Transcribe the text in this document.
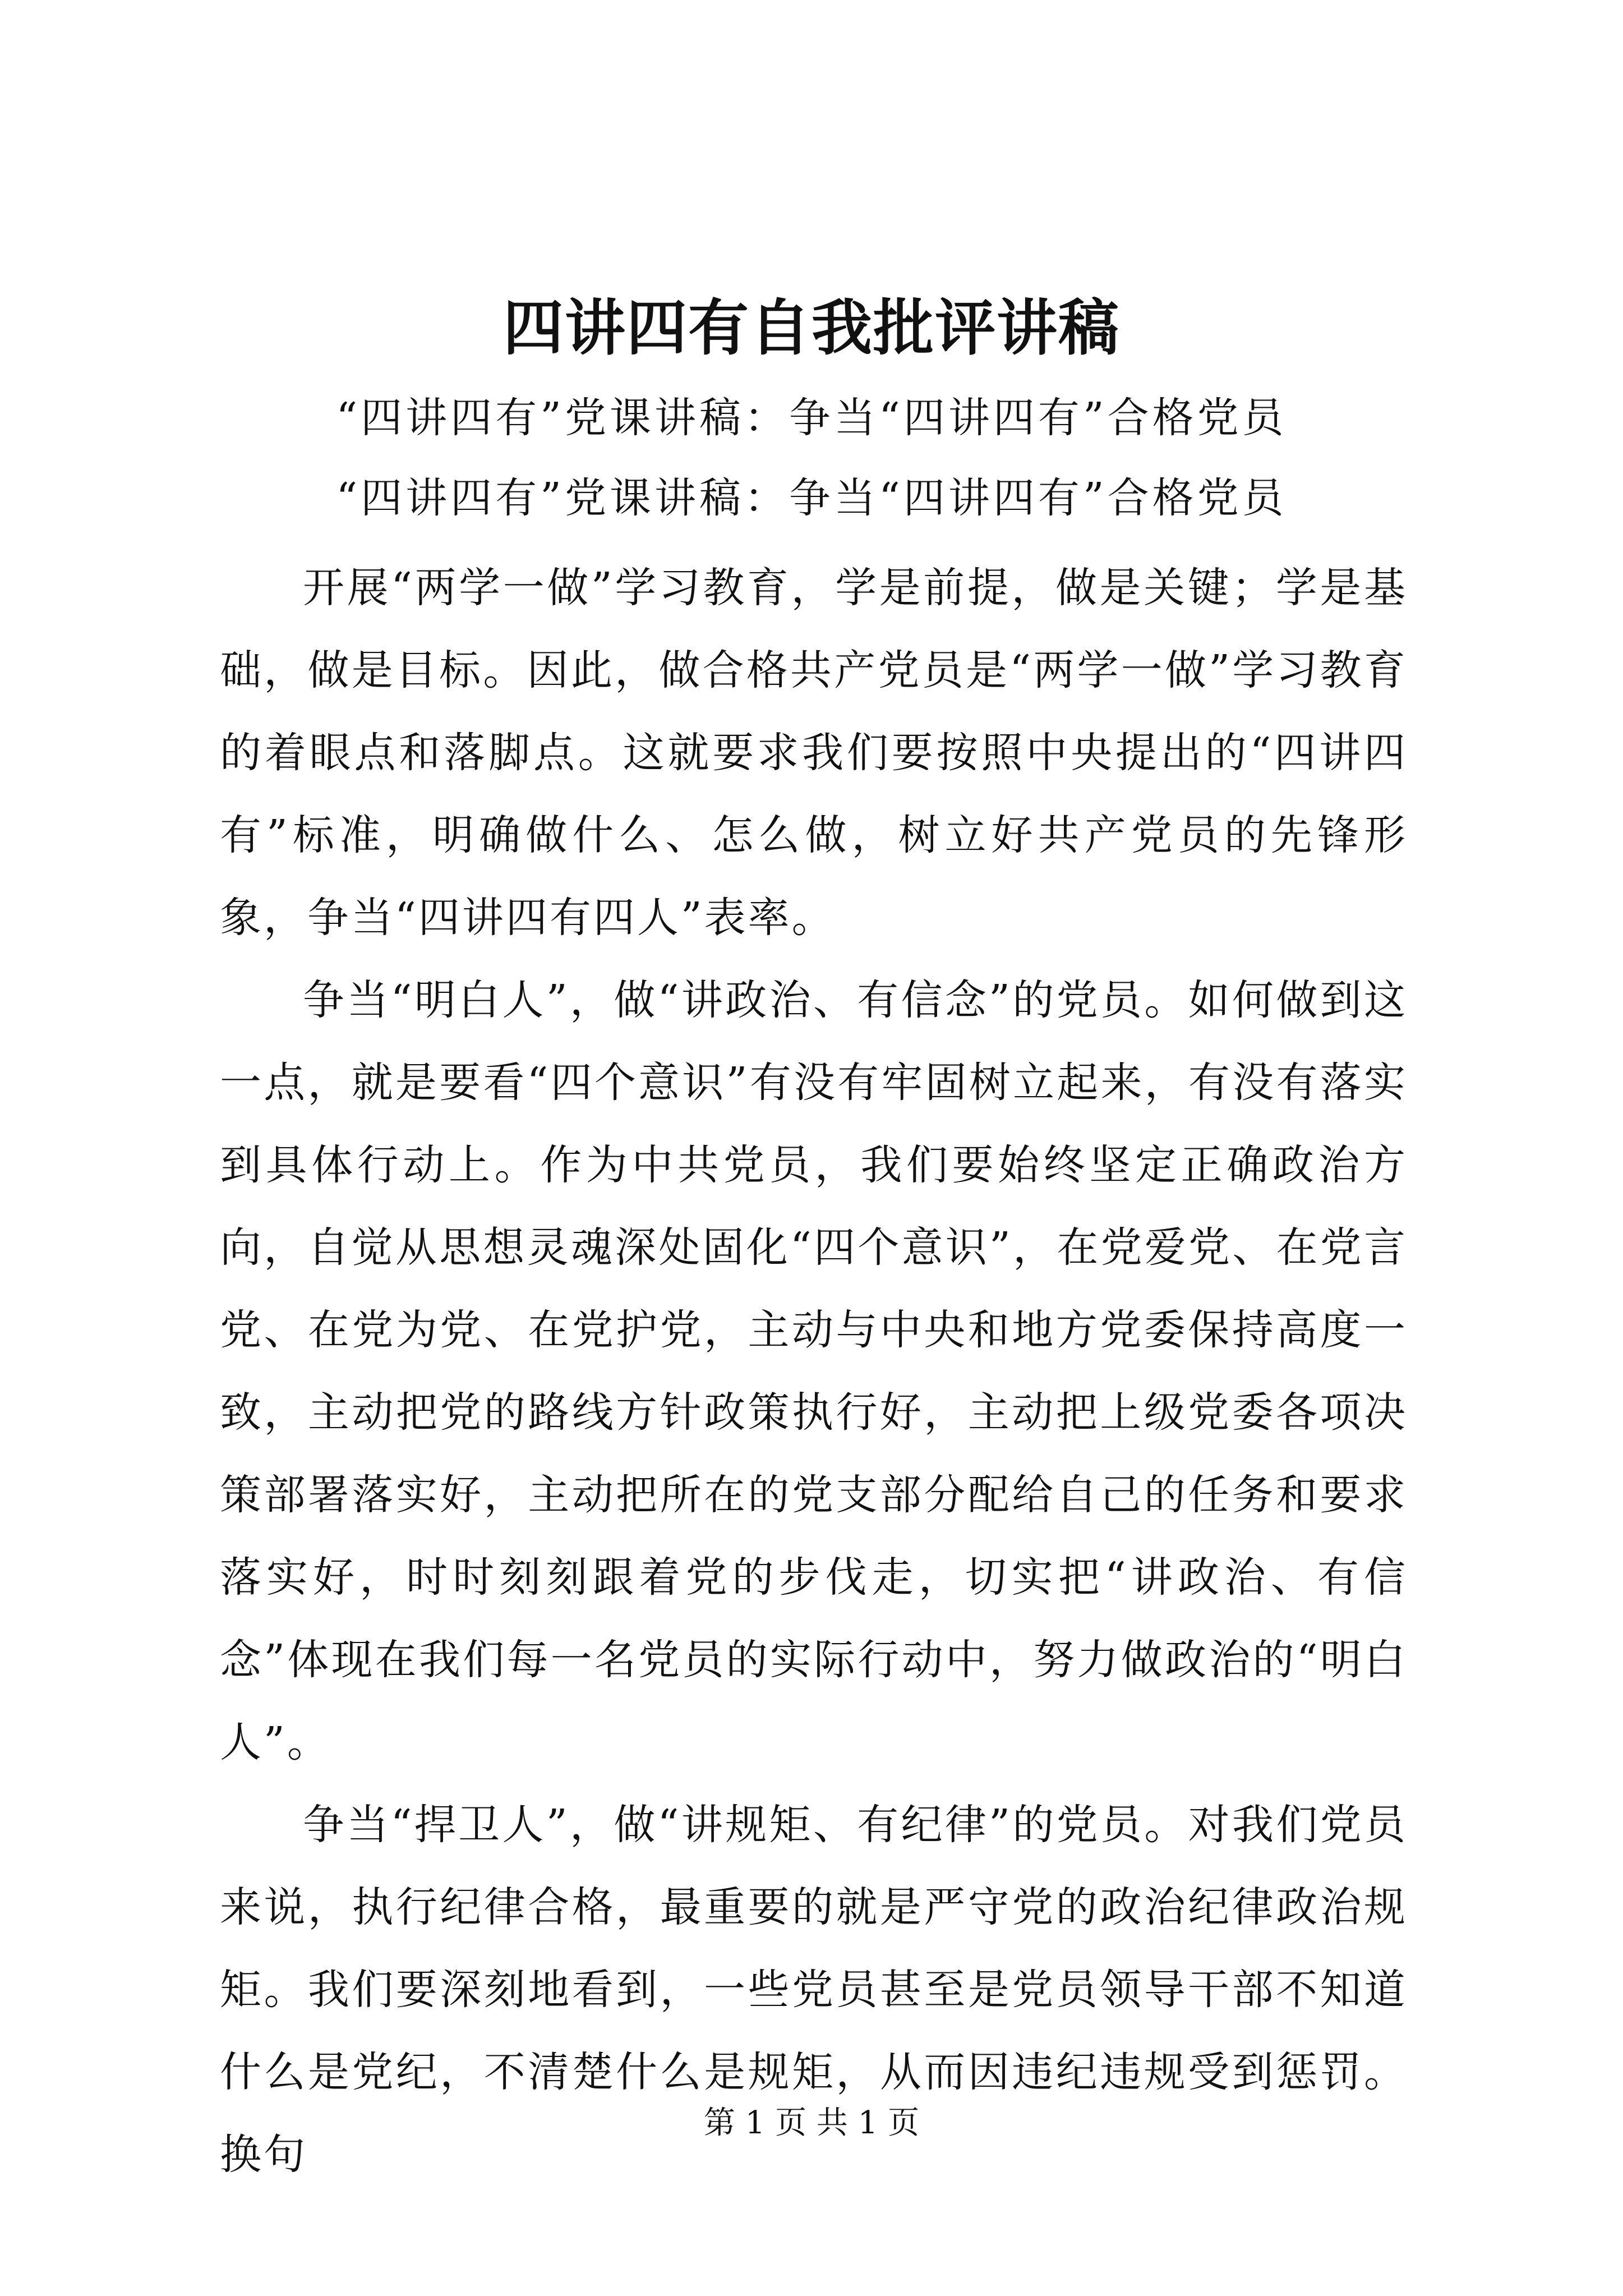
四讲四有自我批评讲稿
“四讲四有”党课讲稿：争当“四讲四有”合格党员
“四讲四有”党课讲稿：争当“四讲四有”合格党员

开展“两学一做”学习教育，学是前提，做是关键；学是基础，做是目标。因此，做合格共产党员是“两学一做”学习教育的着眼点和落脚点。这就要求我们要按照中央提出的“四讲四有”标准，明确做什么、怎么做，树立好共产党员的先锋形象，争当“四讲四有四人”表率。

争当“明白人”，做“讲政治、有信念”的党员。如何做到这一点，就是要看“四个意识”有没有牢固树立起来，有没有落实到具体行动上。作为中共党员，我们要始终坚定正确政治方向，自觉从思想灵魂深处固化“四个意识”，在党爱党、在党言党、在党为党、在党护党，主动与中央和地方党委保持高度一致，主动把党的路线方针政策执行好，主动把上级党委各项决策部署落实好，主动把所在的党支部分配给自己的任务和要求落实好，时时刻刻跟着党的步伐走，切实把“讲政治、有信念”体现在我们每一名党员的实际行动中，努力做政治的“明白人”。

争当“捍卫人”，做“讲规矩、有纪律”的党员。对我们党员来说，执行纪律合格，最重要的就是严守党的政治纪律政治规矩。我们要深刻地看到，一些党员甚至是党员领导干部不知道什么是党纪，不清楚什么是规矩，从而因违纪违规受到惩罚。换句

第 1 页 共 1 页
